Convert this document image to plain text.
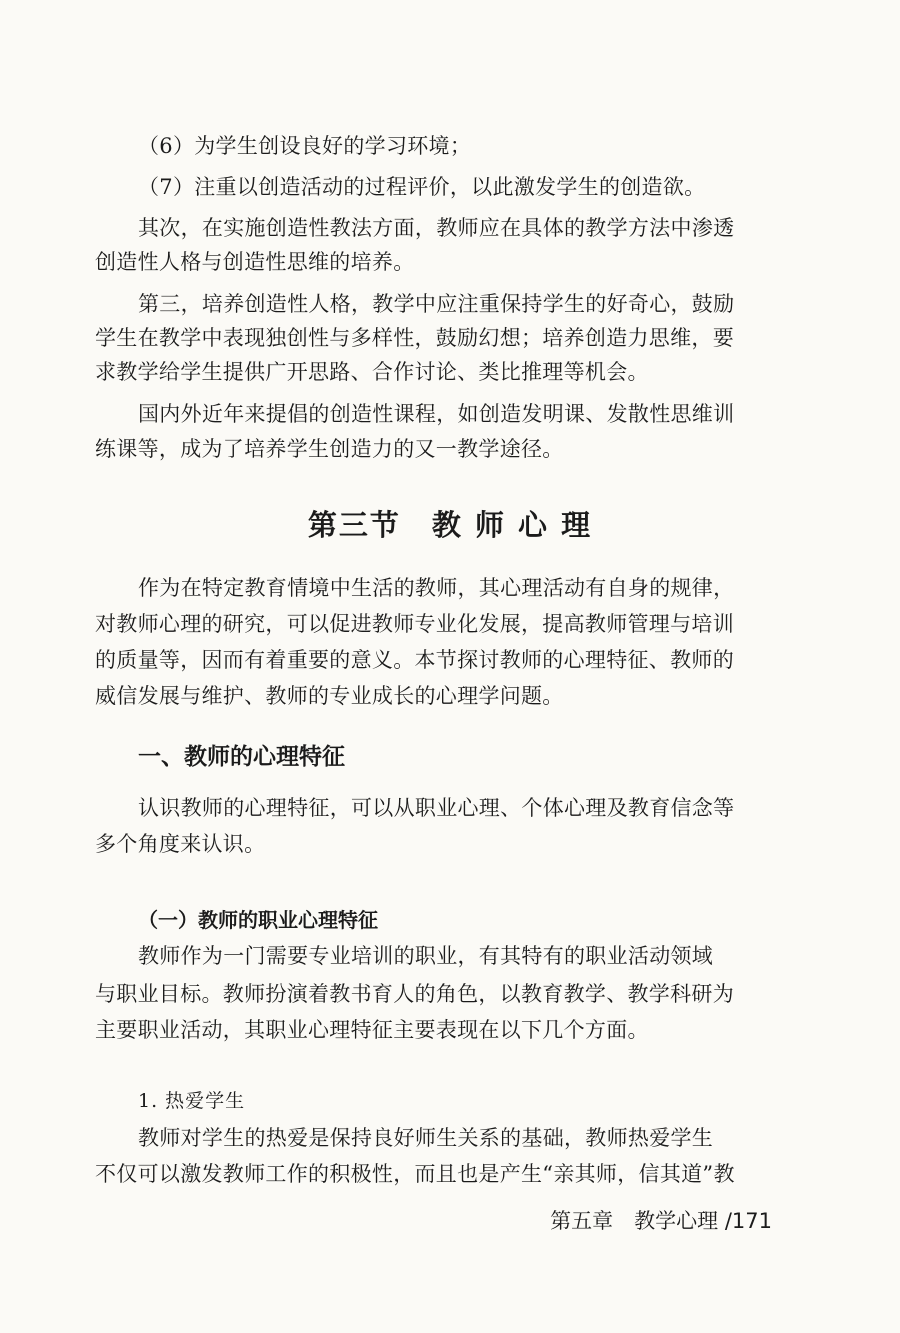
（6）为学生创设良好的学习环境；
（7）注重以创造活动的过程评价，以此激发学生的创造欲。
其次，在实施创造性教法方面，教师应在具体的教学方法中渗透
创造性人格与创造性思维的培养。
第三，培养创造性人格，教学中应注重保持学生的好奇心，鼓励
学生在教学中表现独创性与多样性，鼓励幻想；培养创造力思维，要
求教学给学生提供广开思路、合作讨论、类比推理等机会。
国内外近年来提倡的创造性课程，如创造发明课、发散性思维训
练课等，成为了培养学生创造力的又一教学途径。
第三节　教 师 心 理
作为在特定教育情境中生活的教师，其心理活动有自身的规律，
对教师心理的研究，可以促进教师专业化发展，提高教师管理与培训
的质量等，因而有着重要的意义。本节探讨教师的心理特征、教师的
威信发展与维护、教师的专业成长的心理学问题。
一、教师的心理特征
认识教师的心理特征，可以从职业心理、个体心理及教育信念等
多个角度来认识。
（一）教师的职业心理特征
教师作为一门需要专业培训的职业，有其特有的职业活动领域
与职业目标。教师扮演着教书育人的角色，以教育教学、教学科研为
主要职业活动，其职业心理特征主要表现在以下几个方面。
1. 热爱学生
教师对学生的热爱是保持良好师生关系的基础，教师热爱学生
不仅可以激发教师工作的积极性，而且也是产生“亲其师，信其道”教
第五章　教学心理 /171
